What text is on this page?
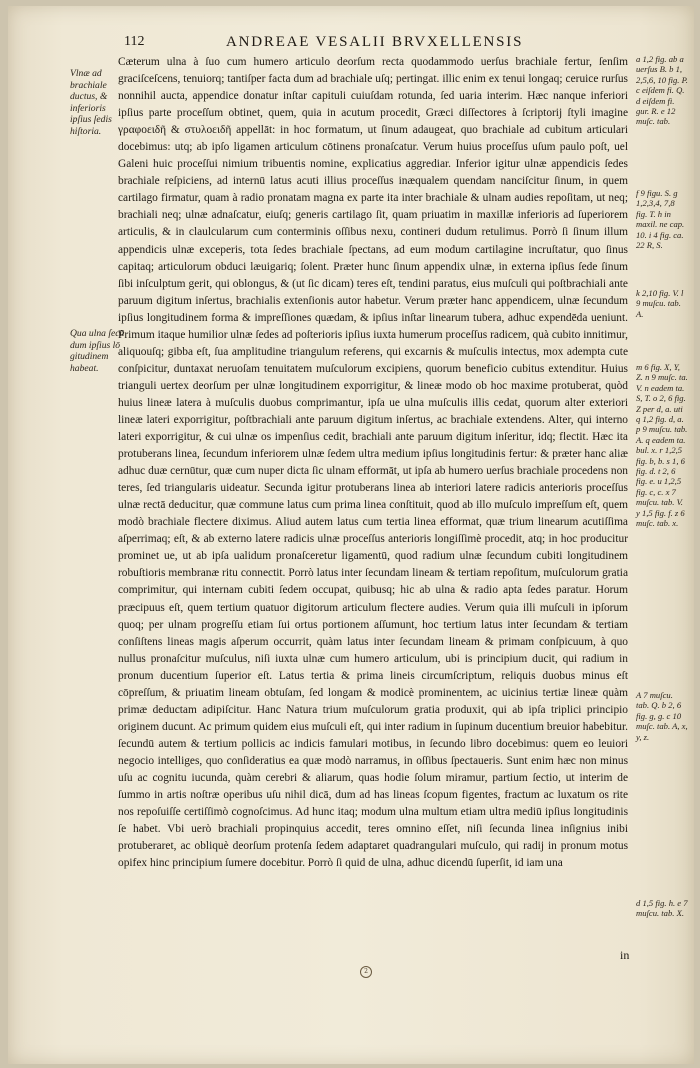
112	ANDREAE VESALII BRVXELLENSIS
Vlnæ ad brachiale ductus, & inferioris ipſius ſedis hiſtoria.
Qua ulna ſecū dum ipſius lō gitudinem habeat.

Cæterum ulna à ſuo cum humero articulo deorſum recta quodammodo uerſus brachiale fertur, ſenſim graciſceſcens, tenuiorq; tantiſper facta dum ad brachiale uſq; pertingat. illic enim ex tenui longaq; ceruice rurſus nonnihil aucta, appendice donatur inſtar capituli cuiuſdam rotunda, ſed uaria interim. Hæc nanque inferiori ipſius parte proceſſum obtinet, quem, quia in acutum procedit, Græci diſſectores à ſcriptorij ſtyli imagine γραφοειδῆ & στυλοειδῆ appellāt: in hoc formatum, ut ſinum adaugeat, quo brachiale ad cubitum articulari docebimus: utq; ab ipſo ligamen articulum cōtinens pronaſcatur. Verum huius proceſſus uſum paulo poſt, uel Galeni huic proceſſui nimium tribuentis nomine, explicatius aggrediar. Inferior igitur ulnæ appendicis ſedes brachiale reſpiciens, ad internū latus acuti illius proceſſus inæqualem quendam nanciſcitur ſinum, in quem cartilago firmatur, quam à radio pronatam magna ex parte ita inter brachiale & ulnam audies repoſitam, ut neq; brachiali neq; ulnæ adnaſcatur, eiuſq; generis cartilago ſit, quam priuatim in maxillæ inferioris ad ſuperiorem articulis, & in claulcularum cum conterminis oſſibus nexu, contineri dudum retulimus. Porrò ſi ſinum illum appendicis ulnæ exceperis, tota ſedes brachiale ſpectans, ad eum modum cartilagine incruſtatur, quo ſinus capitaq; articulorum obduci læuigariq; ſolent. Præter hunc ſinum appendix ulnæ, in externa ipſius ſede ſinum ſibi inſculptum gerit, qui oblongus, & (ut ſic dicam) teres eſt, tendini paratus, eius muſculi qui poſtbrachiali ante paruum digitum inſertus, brachialis extenſionis autor habetur. Verum præter hanc appendicem, ulnæ ſecundum ipſius longitudinem forma & impreſſiones quædam, & ipſius inſtar linearum tubera, adhuc expendēda ueniunt. Primum itaque humilior ulnæ ſedes ad poſterioris ipſius iuxta humerum proceſſus radicem, quà cubito innitimur, aliquouſq; gibba eſt, ſua amplitudine triangulum referens, qui excarnis & muſculis intectus, mox adempta cute conſpicitur, duntaxat neruoſam tenuitatem muſculorum excipiens, quorum beneficio cubitus extenditur. Huius trianguli uertex deorſum per ulnæ longitudinem exporrigitur, & lineæ modo ob hoc maxime protuberat, quòd huius lineæ latera à muſculis duobus comprimantur, ipſa ue ulna muſculis illis cedat, quorum alter exteriori lineæ lateri exporrigitur, poſtbrachiali ante paruum digitum inſertus, ac brachiale extendens. Alter, qui interno lateri exporrigitur, & cui ulnæ os impenſius cedit, brachiali ante paruum digitum inſeritur, idq; flectit. Hæc ita protuberans linea, ſecundum inferiorem ulnæ ſedem ultra medium ipſius longitudinis fertur: & præter hanc aliæ adhuc duæ cernūtur, quæ cum nuper dicta ſic ulnam efformāt, ut ipſa ab humero uerſus brachiale procedens non teres, ſed triangularis uideatur. Secunda igitur protuberans linea ab interiori latere radicis anterioris proceſſus ulnæ rectā deducitur, quæ commune latus cum prima linea conſtituit, quod ab illo muſculo impreſſum eſt, quem modò brachiale flectere diximus. Aliud autem latus cum tertia linea efformat, quæ trium linearum acutiſſima aſperrimaq; eſt, & ab externo latere radicis ulnæ proceſſus anterioris longiſſimè procedit, atq; in hoc producitur prominet ue, ut ab ipſa ualidum pronaſceretur ligamentū, quod radium ulnæ ſecundum cubiti longitudinem robuſtioris membranæ ritu connectit. Porrò latus inter ſecundam lineam & tertiam repoſitum, muſculorum gratia comprimitur, qui internam cubiti ſedem occupat, quibusq; hic ab ulna & radio apta ſedes paratur. Horum præcipuus eſt, quem tertium quatuor digitorum articulum flectere audies. Verum quia illi muſculi in ipſorum quoq; per ulnam progreſſu etiam ſui ortus portionem aſſumunt, hoc tertium latus inter ſecundam & tertiam conſiſtens lineas magis aſperum occurrit, quàm latus inter ſecundam lineam & primam conſpicuum, à quo nullus pronaſcitur muſculus, niſi iuxta ulnæ cum humero articulum, ubi is principium ducit, qui radium in pronum ducentium ſuperior eſt. Latus tertia & prima lineis circumſcriptum, reliquis duobus minus eſt cōpreſſum, & priuatim lineam obtuſam, ſed longam & modicè prominentem, ac uicinius tertiæ lineæ quàm primæ deductam adipiſcitur. Hanc Natura trium muſculorum gratia produxit, qui ab ipſa triplici principio originem ducunt. Ac primum quidem eius muſculi eſt, qui inter radium in ſupinum ducentium breuior habebitur. ſecundū autem & tertium pollicis ac indicis famulari motibus, in ſecundo libro docebimus: quem eo leuiori negocio intelliges, quo conſideratius ea quæ modò narramus, in oſſibus ſpectaueris. Sunt enim hæc non minus uſu ac cognitu iucunda, quàm cerebri & aliarum, quas hodie ſolum miramur, partium ſectio, ut interim de ſummo in artis noſtræ operibus uſu nihil dicā, dum ad has lineas ſcopum figentes, fractum ac luxatum os rite nos repoſuiſſe certiſſimò cognoſcimus. Ad hunc itaq; modum ulna multum etiam ultra mediū ipſius longitudinis ſe habet. Vbi uerò brachiali propinquius accedit, teres omnino eſſet, niſi ſecunda linea inſignius inibi protuberaret, ac obliquè deorſum protenſa ſedem adaptaret quadrangulari muſculo, qui radij in pronum motus opifex hinc principium ſumere docebitur. Porrò ſi quid de ulna, adhuc dicendū ſuperſit, id iam una

a 1,2 fig. ab a uerſus B. b 1, 2,5,6, 10 fig. P. c eiſdem fi. Q. d eiſdem fi. gur. R. e 12 muſc. tab.
f 9 figu. S. g 1,2,3,4, 7,8 fig. T. h in maxil. ne cap. 10. i 4 fig. ca. 22 R, S.
k 2,10 fig. V. l 9 muſcu. tab. A.
m 6 fig. X, Y, Z. n 9 muſc. ta. V. n eadem ta. S, T. o 2, 6 fig. Z per d, a. uti q 1,2 fig. d, a. p 9 muſcu. tab. A. q eadem ta. bul. x. r 1,2,5 fig. b, b. s 1, 6 fig. d. t 2, 6 fig. e. u 1,2,5 fig. c, c. x 7 muſcu. tab. V. y 1,5 fig. f. z 6 muſc. tab. x.
A 7 muſcu. tab. Q. b 2, 6 fig. g, g. c 10 muſc. tab. A, x, y, z.
d 1,5 fig. h. e 7 muſcu. tab. X.
in
2
